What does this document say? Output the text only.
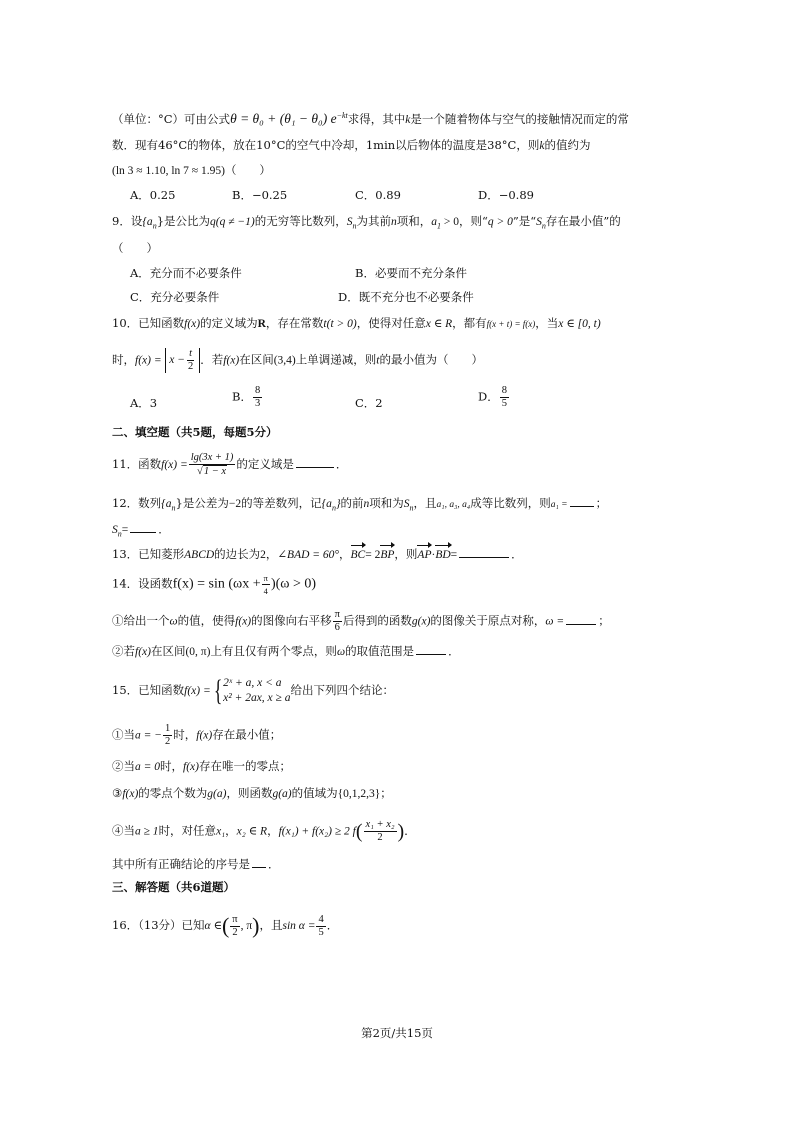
（单位：°C）可由公式θ = θ₀ + (θ₁ − θ₀) $e^{-kt}$求得，其中k是一个随着物体与空气的接触情况而定的常
数．现有46°C的物体，放在10°C的空气中冷却，1min以后物体的温度是38°C，则k的值约为
(ln 3 ≈ 1.10, ln 7 ≈ 1.95)（　　）
A．0.25	B．−0.25	C．0.89	D．−0.89
9．设$\{a_n\}$是公比为q(q ≠ −1)的无穷等比数列，$S_n$为其前n项和，$a_1 > 0$，则“q > 0”是“$S_n$存在最小值”的
（　　）
A．充分而不必要条件	B．必要而不充分条件
C．充分必要条件	D．既不充分也不必要条件
10．已知函数f(x)的定义域为R，存在常数t(t > 0)，使得对任意x ∈ R，都有f(x + t) = f(x)，当x ∈ [0, t)
时，$f(x) = x - \frac{t}{2}$ ．若f(x)在区间(3,4)上单调递减，则t的最小值为（　　）
A．3	B． $\frac{8}{3}$	C．2	D． $\frac{8}{5}$
二、填空题（共5题，每题5分）
11．函数$f(x) = \frac{\lg(3x + 1)}{√1 - x}$ 的定义域是	．
12．数列$\{a_n\}$是公差为−2的等差数列，记$\{a_n\}$的前n项和为$S_n$，且a₁, a₃, a₄成等比数列，则a₁ = ；
$S_n=$	．
13．已知菱形ABCD的边长为2，∠BAD = 60°，BC= 2BP，则AP·BD=	．
14．设函数$f(x) = \sin (\omega x + \frac{\pi}{4} )(\omega > 0)$
①给出一个ω的值，使得f(x)的图像向右平移 $\frac{\pi}{6}$ 后得到的函数g(x)的图像关于原点对称，ω =	；
②若f(x)在区间(0, π)上有且仅有两个零点，则ω的取值范围是	．
15．已知函数f(x) ={ 2ˣ + a, x < a
x² + 2ax, x ≥ a
给出下列四个结论：
①当a = − $\frac{1}{2}$ 时，f(x)存在最小值；
②当a = 0时，f(x)存在唯一的零点；
③f(x)的零点个数为g(a)，则函数g(a)的值域为{0,1,2,3}；
④当a ≥ 1时，对任意x₁，x₂ ∈ R，f(x₁) + f(x₂) ≥ 2 $f( \frac{\text{x₁ + x₂}}{2}$ )．
其中所有正确结论的序号是 ．
三、解答题（共6道题）
16．（13分）已知α ∈( $\frac{\pi}{2}$ , π)，且$\sin \alpha = \frac{4}{5}$ ．
第2页/共15页
